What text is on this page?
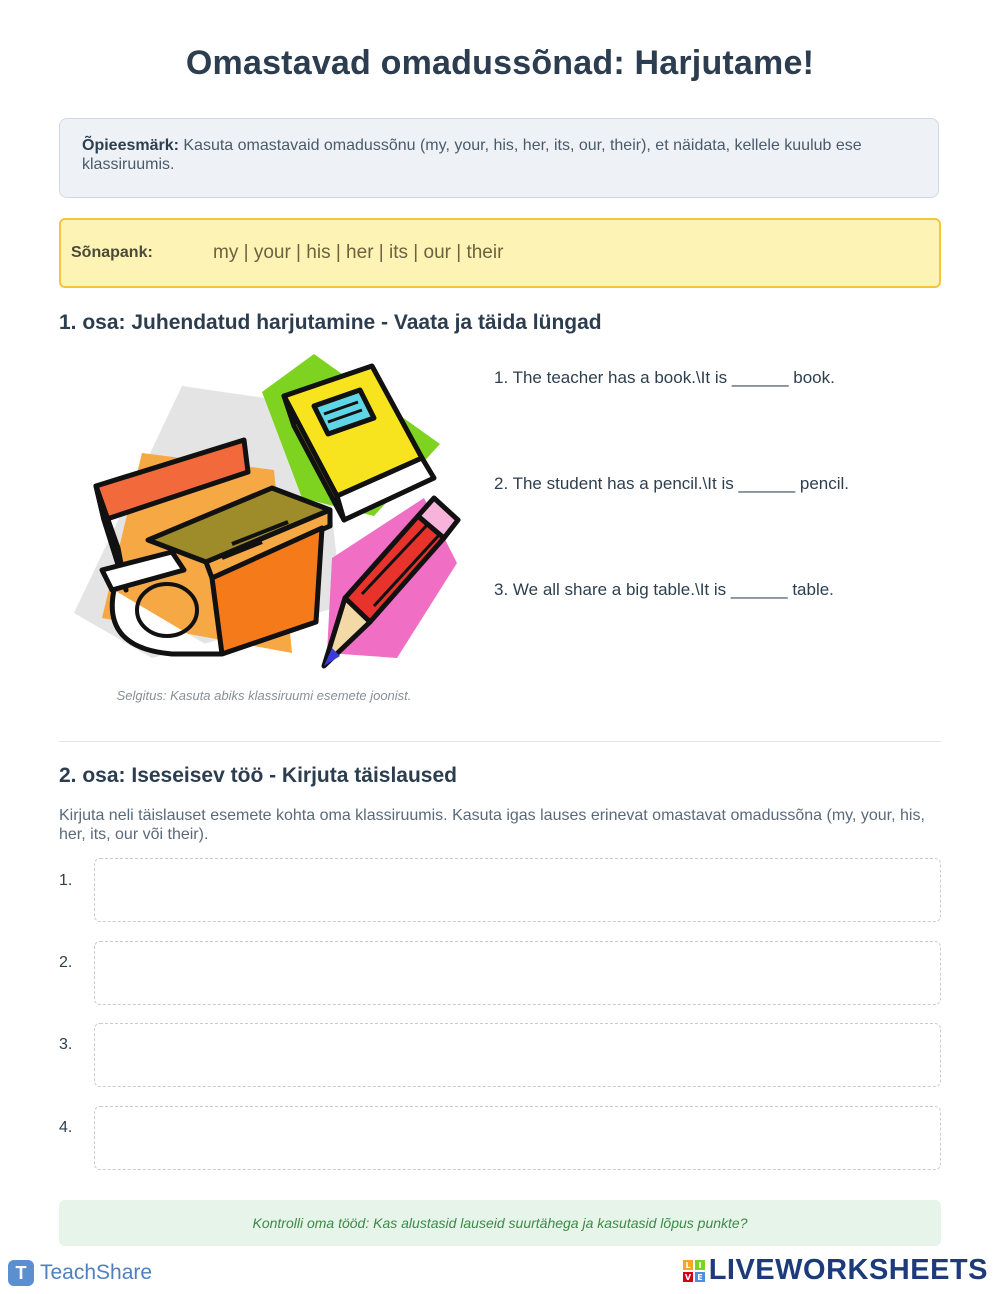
Omastavad omadussõnad: Harjutame!
Õpieesmärk: Kasuta omastavaid omadussõnu (my, your, his, her, its, our, their), et näidata, kellele kuulub ese klassiruumis.
Sõnapank:	my | your | his | her | its | our | their
1. osa: Juhendatud harjutamine - Vaata ja täida lüngad
Selgitus: Kasuta abiks klassiruumi esemete joonist.
1. The teacher has a book.\It is ______ book.
2. The student has a pencil.\It is ______ pencil.
3. We all share a big table.\It is ______ table.
2. osa: Iseseisev töö - Kirjuta täislaused
Kirjuta neli täislauset esemete kohta oma klassiruumis. Kasuta igas lauses erinevat omastavat omadussõna (my, your, his, her, its, our või their).
1.
2.
3.
4.
Kontrolli oma tööd: Kas alustasid lauseid suurtähega ja kasutasid lõpus punkte?
T TeachShare	L I
V E LIVEWORKSHEETS
